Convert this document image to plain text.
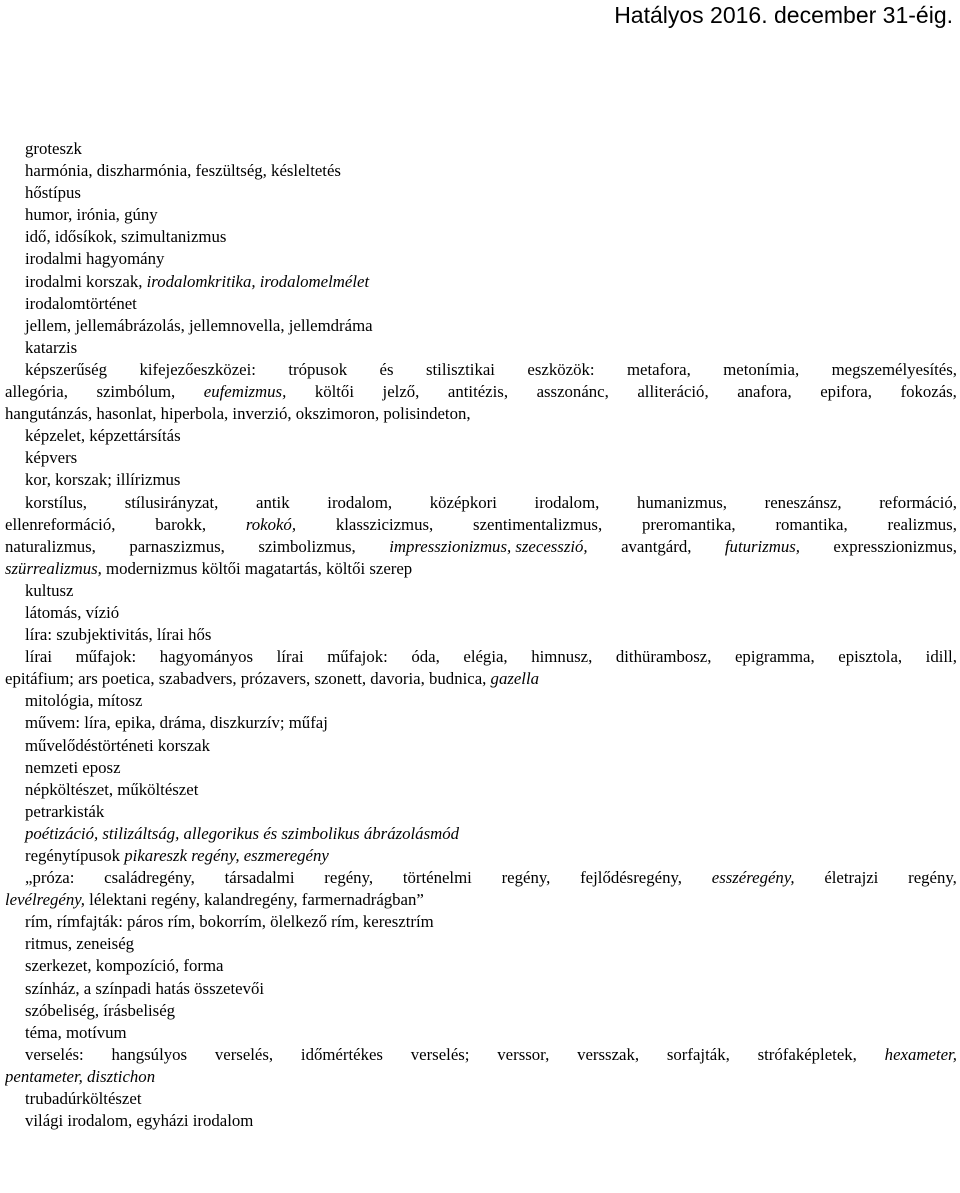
Hatályos 2016. december 31-éig.
groteszk
harmónia, diszharmónia, feszültség, késleltetés
hőstípus
humor, irónia, gúny
idő, idősíkok, szimultanizmus
irodalmi hagyomány
irodalmi korszak, irodalomkritika, irodalomelmélet
irodalomtörténet
jellem, jellemábrázolás, jellemnovella, jellemdráma
katarzis
képszerűség kifejezőeszközei: trópusok és stilisztikai eszközök: metafora, metonímia, megszemélyesítés,
allegória, szimbólum, eufemizmus, költői jelző, antitézis, asszonánc, alliteráció, anafora, epifora, fokozás,
hangutánzás, hasonlat, hiperbola, inverzió, okszimoron, polisindeton,
képzelet, képzettársítás
képvers
kor, korszak; illírizmus
korstílus, stílusirányzat, antik irodalom, középkori irodalom, humanizmus, reneszánsz, reformáció,
ellenreformáció, barokk, rokokó, klasszicizmus, szentimentalizmus, preromantika, romantika, realizmus,
naturalizmus, parnaszizmus, szimbolizmus, impresszionizmus, szecesszió, avantgárd, futurizmus, expresszionizmus,
szürrealizmus, modernizmus költői magatartás, költői szerep
kultusz
látomás, vízió
líra: szubjektivitás, lírai hős
lírai műfajok: hagyományos lírai műfajok: óda, elégia, himnusz, dithürambosz, epigramma, episztola, idill,
epitáfium; ars poetica, szabadvers, prózavers, szonett, davoria, budnica, gazella
mitológia, mítosz
művem: líra, epika, dráma, diszkurzív; műfaj
művelődéstörténeti korszak
nemzeti eposz
népköltészet, műköltészet
petrarkisták
poétizáció, stilizáltság, allegorikus és szimbolikus ábrázolásmód
regénytípusok pikareszk regény, eszmeregény
„próza: családregény, társadalmi regény, történelmi regény, fejlődésregény, esszéregény, életrajzi regény,
levélregény, lélektani regény, kalandregény, farmernadrágban”
rím, rímfajták: páros rím, bokorrím, ölelkező rím, keresztrím
ritmus, zeneiség
szerkezet, kompozíció, forma
színház, a színpadi hatás összetevői
szóbeliség, írásbeliség
téma, motívum
verselés: hangsúlyos verselés, időmértékes verselés; verssor, versszak, sorfajták, strófaképletek, hexameter,
pentameter, disztichon
trubadúrköltészet
világi irodalom, egyházi irodalom
